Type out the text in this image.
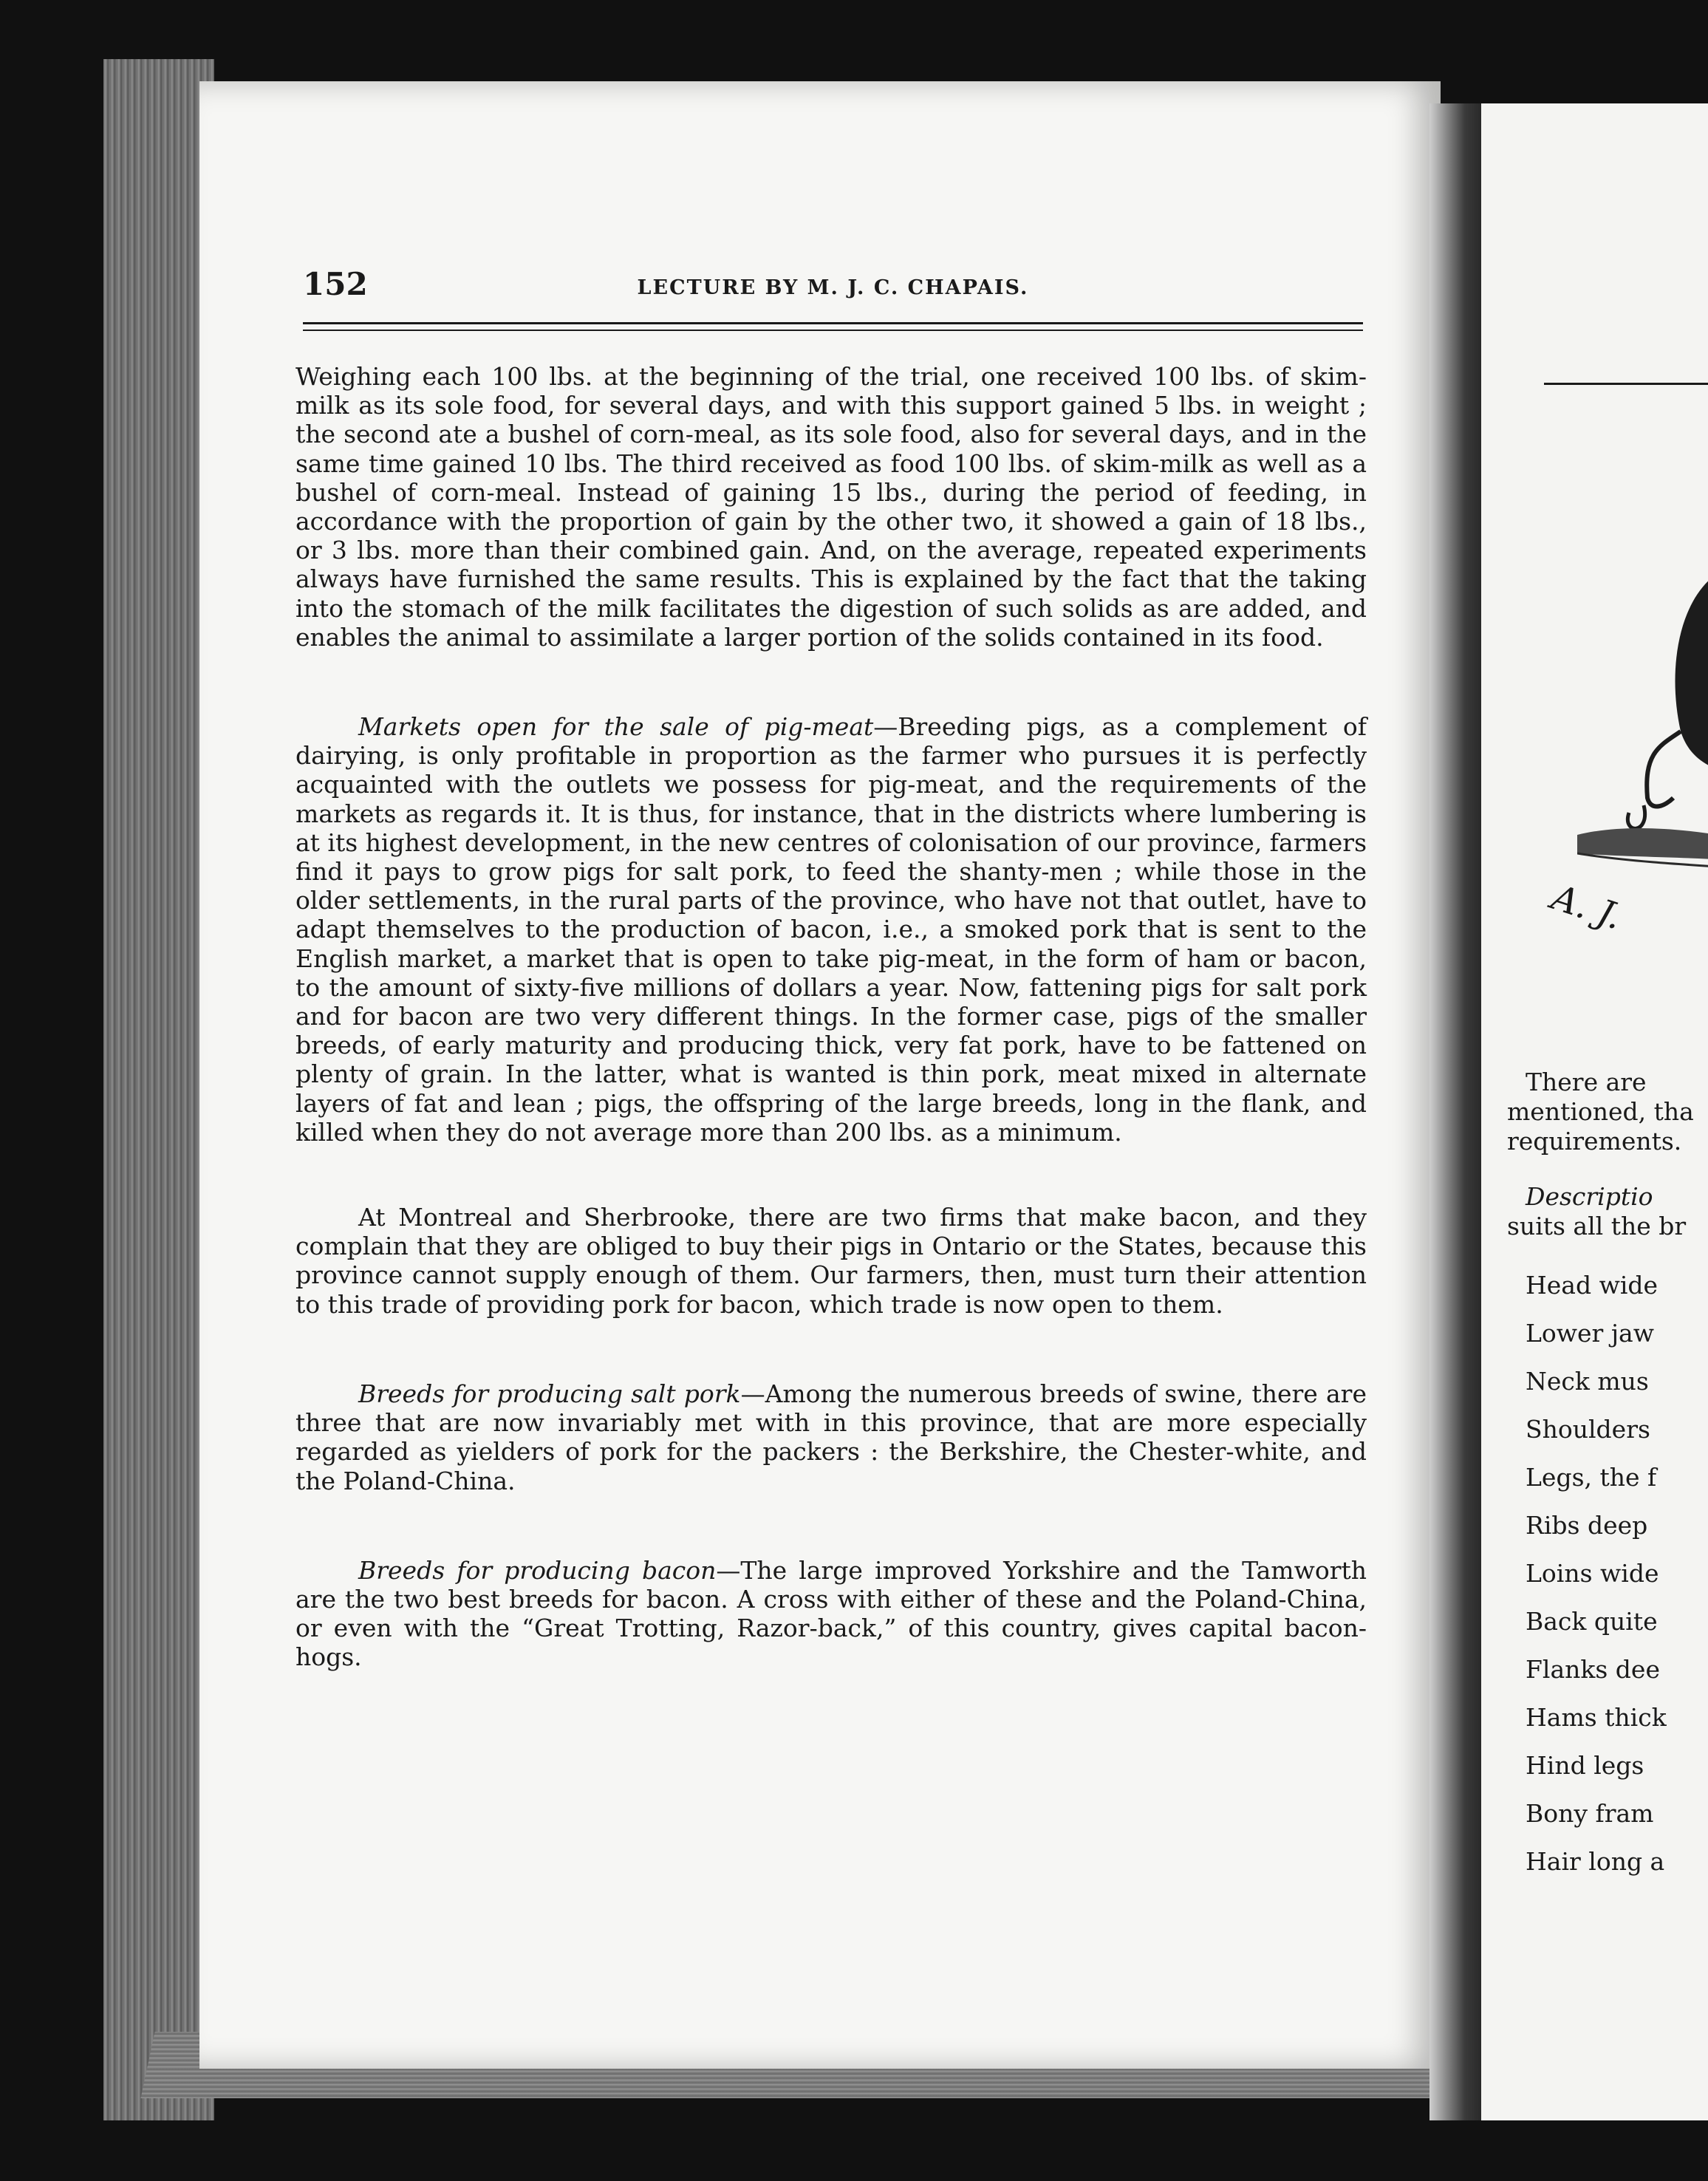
152	LECTURE BY M. J. C. CHAPAIS.

Weighing each 100 lbs. at the beginning of the trial, one received 100 lbs. of skim-milk as its sole food, for several days, and with this support gained 5 lbs. in weight ; the second ate a bushel of corn-meal, as its sole food, also for several days, and in the same time gained 10 lbs. The third received as food 100 lbs. of skim-milk as well as a bushel of corn-meal. Instead of gaining 15 lbs., during the period of feeding, in accordance with the proportion of gain by the other two, it showed a gain of 18 lbs., or 3 lbs. more than their combined gain. And, on the average, repeated experiments always have furnished the same results. This is explained by the fact that the taking into the stomach of the milk facilitates the digestion of such solids as are added, and enables the animal to assimilate a larger portion of the solids contained in its food.

Markets open for the sale of pig-meat—Breeding pigs, as a complement of dairying, is only profitable in proportion as the farmer who pursues it is perfectly acquainted with the outlets we possess for pig-meat, and the requirements of the markets as regards it. It is thus, for instance, that in the districts where lumbering is at its highest development, in the new centres of colonisation of our province, farmers find it pays to grow pigs for salt pork, to feed the shanty-men ; while those in the older settlements, in the rural parts of the province, who have not that outlet, have to adapt themselves to the production of bacon, i.e., a smoked pork that is sent to the English market, a market that is open to take pig-meat, in the form of ham or bacon, to the amount of sixty-five millions of dollars a year. Now, fattening pigs for salt pork and for bacon are two very different things. In the former case, pigs of the smaller breeds, of early maturity and producing thick, very fat pork, have to be fattened on plenty of grain. In the latter, what is wanted is thin pork, meat mixed in alternate layers of fat and lean ; pigs, the offspring of the large breeds, long in the flank, and killed when they do not average more than 200 lbs. as a minimum.

At Montreal and Sherbrooke, there are two firms that make bacon, and they complain that they are obliged to buy their pigs in Ontario or the States, because this province cannot supply enough of them. Our farmers, then, must turn their attention to this trade of providing pork for bacon, which trade is now open to them.

Breeds for producing salt pork—Among the numerous breeds of swine, there are three that are now invariably met with in this province, that are more especially regarded as yielders of pork for the packers : the Berkshire, the Chester-white, and the Poland-China.

Breeds for producing bacon—The large improved Yorkshire and the Tamworth are the two best breeds for bacon. A cross with either of these and the Poland-China, or even with the “Great Trotting, Razor-back,” of this country, gives capital bacon-hogs.

A. J.
There are
mentioned, tha
requirements.
Descriptio
suits all the br
Head wide
Lower jaw
Neck mus
Shoulders
Legs, the f
Ribs deep
Loins wide
Back quite
Flanks dee
Hams thick
Hind legs
Bony fram
Hair long a
